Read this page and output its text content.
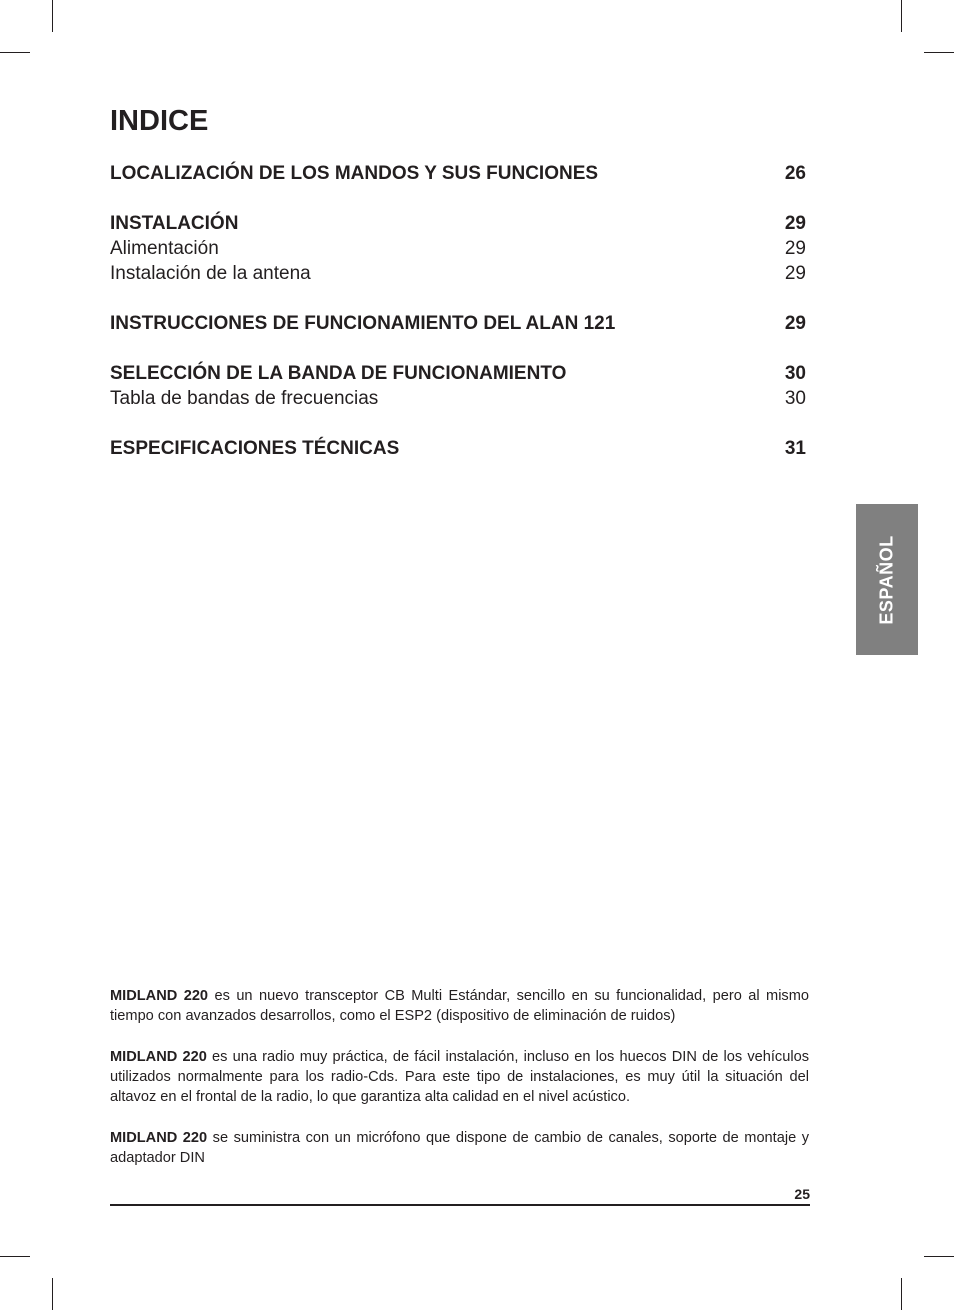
INDICE
LOCALIZACIÓN DE LOS MANDOS Y SUS FUNCIONES	26
INSTALACIÓN	29
Alimentación	29
Instalación de la antena	29
INSTRUCCIONES DE FUNCIONAMIENTO DEL ALAN 121	29
SELECCIÓN DE LA BANDA DE FUNCIONAMIENTO	30
Tabla de bandas de frecuencias	30
ESPECIFICACIONES TÉCNICAS	31
ESPAÑOL

MIDLAND 220 es un nuevo transceptor CB Multi Estándar, sencillo en su funcionalidad, pero al mismo tiempo con avanzados desarrollos, como el ESP2 (dispositivo de eliminación de ruidos)

MIDLAND 220 es una radio muy práctica, de fácil instalación, incluso en los huecos DIN de los vehículos utilizados normalmente para los radio-Cds. Para este tipo de instalaciones, es muy útil la situación del altavoz en el frontal de la radio, lo que garantiza alta calidad en el nivel acústico.

MIDLAND 220 se suministra con un micrófono que dispone de cambio de canales, soporte de montaje y adaptador DIN

25
